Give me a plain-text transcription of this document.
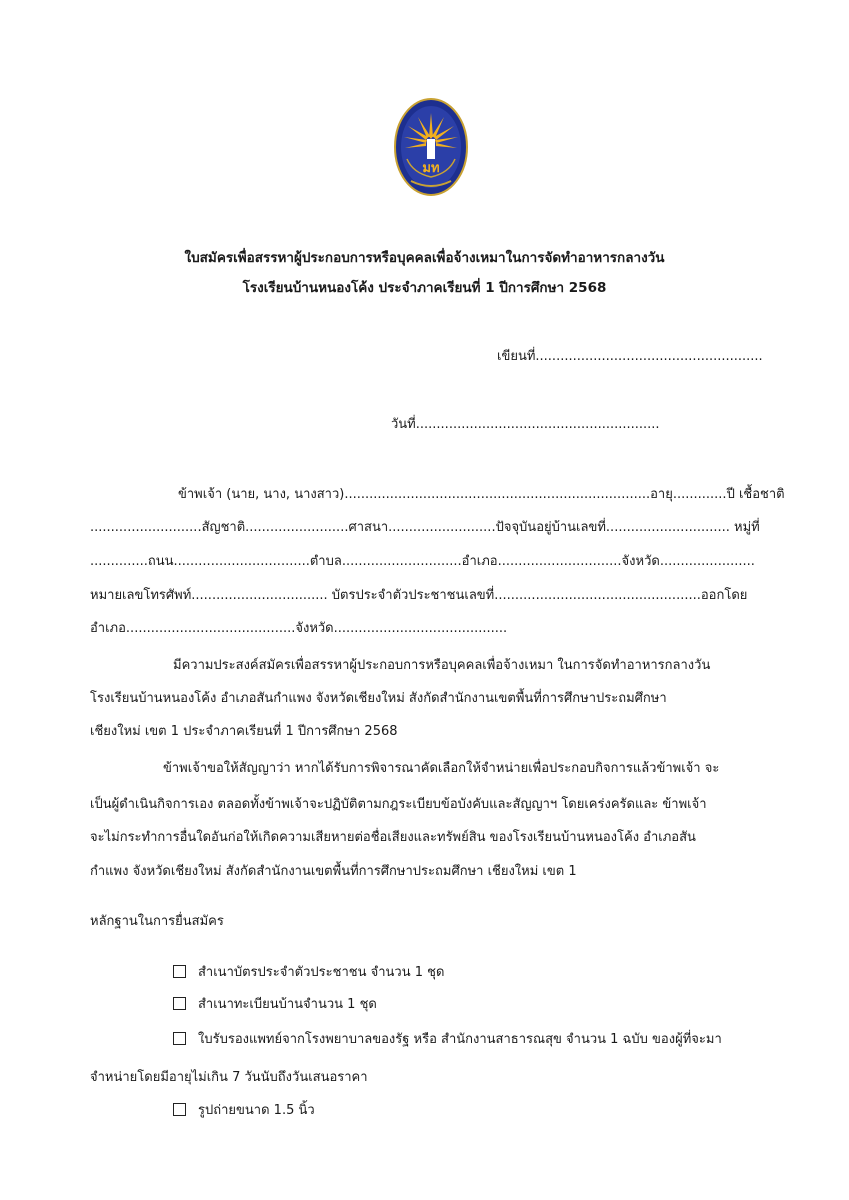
มท
ใบสมัครเพื่อสรรหาผู้ประกอบการหรือบุคคลเพื่อจ้างเหมาในการจัดทำอาหารกลางวัน
โรงเรียนบ้านหนองโค้ง ประจำภาคเรียนที่ 1 ปีการศึกษา 2568
เขียนที่.......................................................
วันที่...........................................................
ข้าพเจ้า (นาย, นาง, นางสาว)..........................................................................อายุ.............ปี เชื้อชาติ
...........................สัญชาติ.........................ศาสนา..........................ปัจจุบันอยู่บ้านเลขที่.............................. หมู่ที่
..............ถนน.................................ตำบล.............................อำเภอ..............................จังหวัด.......................
หมายเลขโทรศัพท์................................. บัตรประจำตัวประชาชนเลขที่..................................................ออกโดย
อำเภอ.........................................จังหวัด..........................................
มีความประสงค์สมัครเพื่อสรรหาผู้ประกอบการหรือบุคคลเพื่อจ้างเหมา ในการจัดทำอาหารกลางวัน
โรงเรียนบ้านหนองโค้ง อำเภอสันกำแพง จังหวัดเชียงใหม่ สังกัดสำนักงานเขตพื้นที่การศึกษาประถมศึกษา
เชียงใหม่ เขต 1 ประจำภาคเรียนที่ 1 ปีการศึกษา 2568
ข้าพเจ้าขอให้สัญญาว่า หากได้รับการพิจารณาคัดเลือกให้จำหน่ายเพื่อประกอบกิจการแล้วข้าพเจ้า จะ
เป็นผู้ดำเนินกิจการเอง ตลอดทั้งข้าพเจ้าจะปฏิบัติตามกฎระเบียบข้อบังคับและสัญญาฯ โดยเคร่งครัดและ ข้าพเจ้า
จะไม่กระทำการอื่นใดอันก่อให้เกิดความเสียหายต่อชื่อเสียงและทรัพย์สิน ของโรงเรียนบ้านหนองโค้ง อำเภอสัน
กำแพง จังหวัดเชียงใหม่ สังกัดสำนักงานเขตพื้นที่การศึกษาประถมศึกษา เชียงใหม่ เขต 1
หลักฐานในการยื่นสมัคร
สำเนาบัตรประจำตัวประชาชน จำนวน 1 ชุด
สำเนาทะเบียนบ้านจำนวน 1 ชุด
ใบรับรองแพทย์จากโรงพยาบาลของรัฐ หรือ สำนักงานสาธารณสุข จำนวน 1 ฉบับ ของผู้ที่จะมา
จำหน่ายโดยมีอายุไม่เกิน 7 วันนับถึงวันเสนอราคา
รูปถ่ายขนาด 1.5 นิ้ว
